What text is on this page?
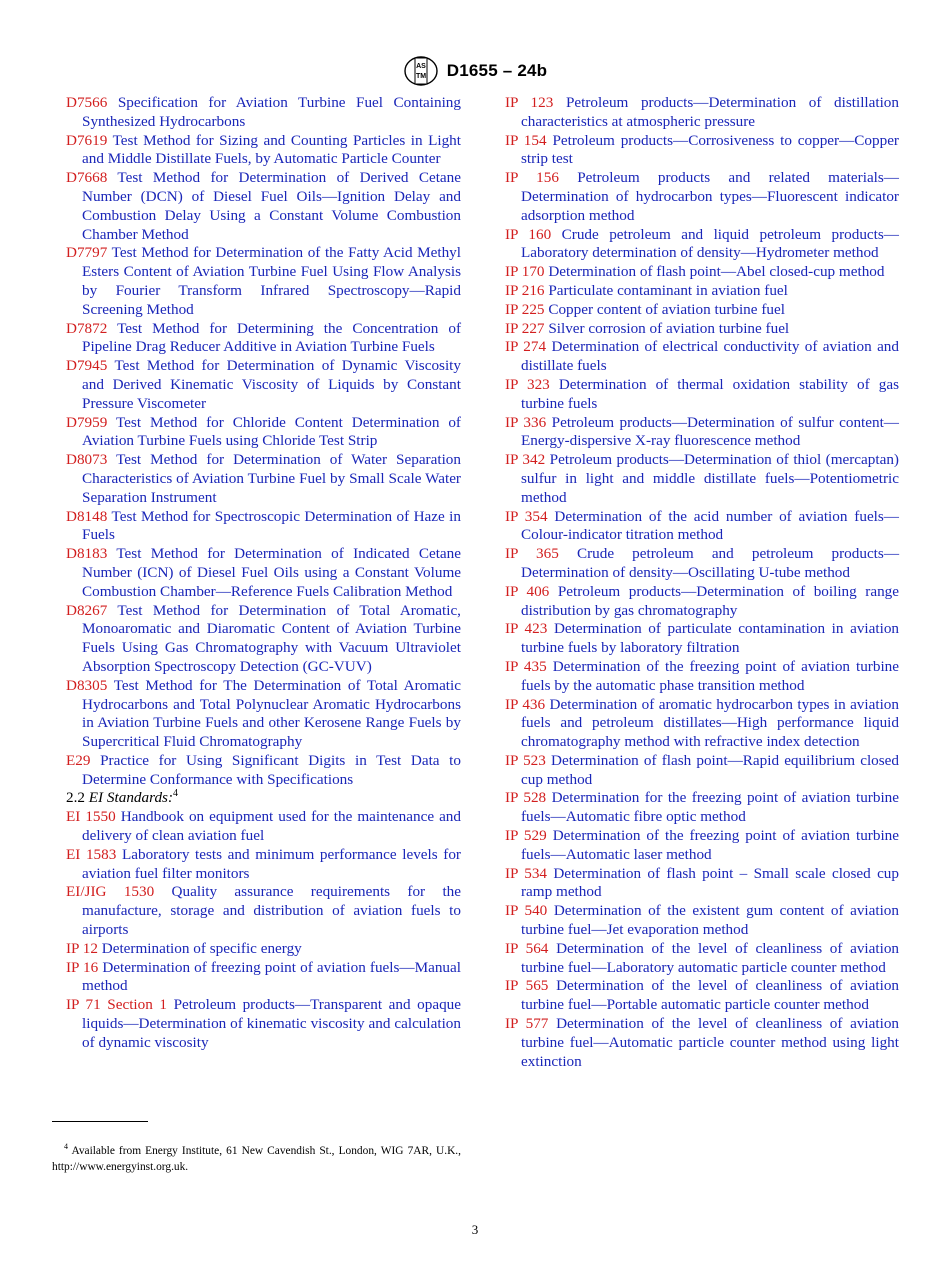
AS
TM D1655 – 24b

D7566 Specification for Aviation Turbine Fuel Containing Synthesized Hydrocarbons

D7619 Test Method for Sizing and Counting Particles in Light and Middle Distillate Fuels, by Automatic Particle Counter

D7668 Test Method for Determination of Derived Cetane Number (DCN) of Diesel Fuel Oils—Ignition Delay and Combustion Delay Using a Constant Volume Combustion Chamber Method

D7797 Test Method for Determination of the Fatty Acid Methyl Esters Content of Aviation Turbine Fuel Using Flow Analysis by Fourier Transform Infrared Spectroscopy—Rapid Screening Method

D7872 Test Method for Determining the Concentration of Pipeline Drag Reducer Additive in Aviation Turbine Fuels

D7945 Test Method for Determination of Dynamic Viscosity and Derived Kinematic Viscosity of Liquids by Constant Pressure Viscometer

D7959 Test Method for Chloride Content Determination of Aviation Turbine Fuels using Chloride Test Strip

D8073 Test Method for Determination of Water Separation Characteristics of Aviation Turbine Fuel by Small Scale Water Separation Instrument

D8148 Test Method for Spectroscopic Determination of Haze in Fuels

D8183 Test Method for Determination of Indicated Cetane Number (ICN) of Diesel Fuel Oils using a Constant Volume Combustion Chamber—Reference Fuels Calibration Method

D8267 Test Method for Determination of Total Aromatic, Monoaromatic and Diaromatic Content of Aviation Turbine Fuels Using Gas Chromatography with Vacuum Ultraviolet Absorption Spectroscopy Detection (GC-VUV)

D8305 Test Method for The Determination of Total Aromatic Hydrocarbons and Total Polynuclear Aromatic Hydrocarbons in Aviation Turbine Fuels and other Kerosene Range Fuels by Supercritical Fluid Chromatography

E29 Practice for Using Significant Digits in Test Data to Determine Conformance with Specifications

2.2 EI Standards:$^4$

EI 1550 Handbook on equipment used for the maintenance and delivery of clean aviation fuel

EI 1583 Laboratory tests and minimum performance levels for aviation fuel filter monitors

EI/JIG 1530 Quality assurance requirements for the manufacture, storage and distribution of aviation fuels to airports

IP 12 Determination of specific energy

IP 16 Determination of freezing point of aviation fuels—Manual method

IP 71 Section 1 Petroleum products—Transparent and opaque liquids—Determination of kinematic viscosity and calculation of dynamic viscosity

IP 123 Petroleum products—Determination of distillation characteristics at atmospheric pressure

IP 154 Petroleum products—Corrosiveness to copper—Copper strip test

IP 156 Petroleum products and related materials—Determination of hydrocarbon types—Fluorescent indicator adsorption method

IP 160 Crude petroleum and liquid petroleum products—Laboratory determination of density—Hydrometer method

IP 170 Determination of flash point—Abel closed-cup method

IP 216 Particulate contaminant in aviation fuel

IP 225 Copper content of aviation turbine fuel

IP 227 Silver corrosion of aviation turbine fuel

IP 274 Determination of electrical conductivity of aviation and distillate fuels

IP 323 Determination of thermal oxidation stability of gas turbine fuels

IP 336 Petroleum products—Determination of sulfur content—Energy-dispersive X-ray fluorescence method

IP 342 Petroleum products—Determination of thiol (mercaptan) sulfur in light and middle distillate fuels—Potentiometric method

IP 354 Determination of the acid number of aviation fuels—Colour-indicator titration method

IP 365 Crude petroleum and petroleum products—Determination of density—Oscillating U-tube method

IP 406 Petroleum products—Determination of boiling range distribution by gas chromatography

IP 423 Determination of particulate contamination in aviation turbine fuels by laboratory filtration

IP 435 Determination of the freezing point of aviation turbine fuels by the automatic phase transition method

IP 436 Determination of aromatic hydrocarbon types in aviation fuels and petroleum distillates—High performance liquid chromatography method with refractive index detection

IP 523 Determination of flash point—Rapid equilibrium closed cup method

IP 528 Determination for the freezing point of aviation turbine fuels—Automatic fibre optic method

IP 529 Determination of the freezing point of aviation turbine fuels—Automatic laser method

IP 534 Determination of flash point – Small scale closed cup ramp method

IP 540 Determination of the existent gum content of aviation turbine fuel—Jet evaporation method

IP 564 Determination of the level of cleanliness of aviation turbine fuel—Laboratory automatic particle counter method

IP 565 Determination of the level of cleanliness of aviation turbine fuel—Portable automatic particle counter method

IP 577 Determination of the level of cleanliness of aviation turbine fuel—Automatic particle counter method using light extinction

$^4$ Available from Energy Institute, 61 New Cavendish St., London, WIG 7AR, U.K., http://www.energyinst.org.uk.

3
